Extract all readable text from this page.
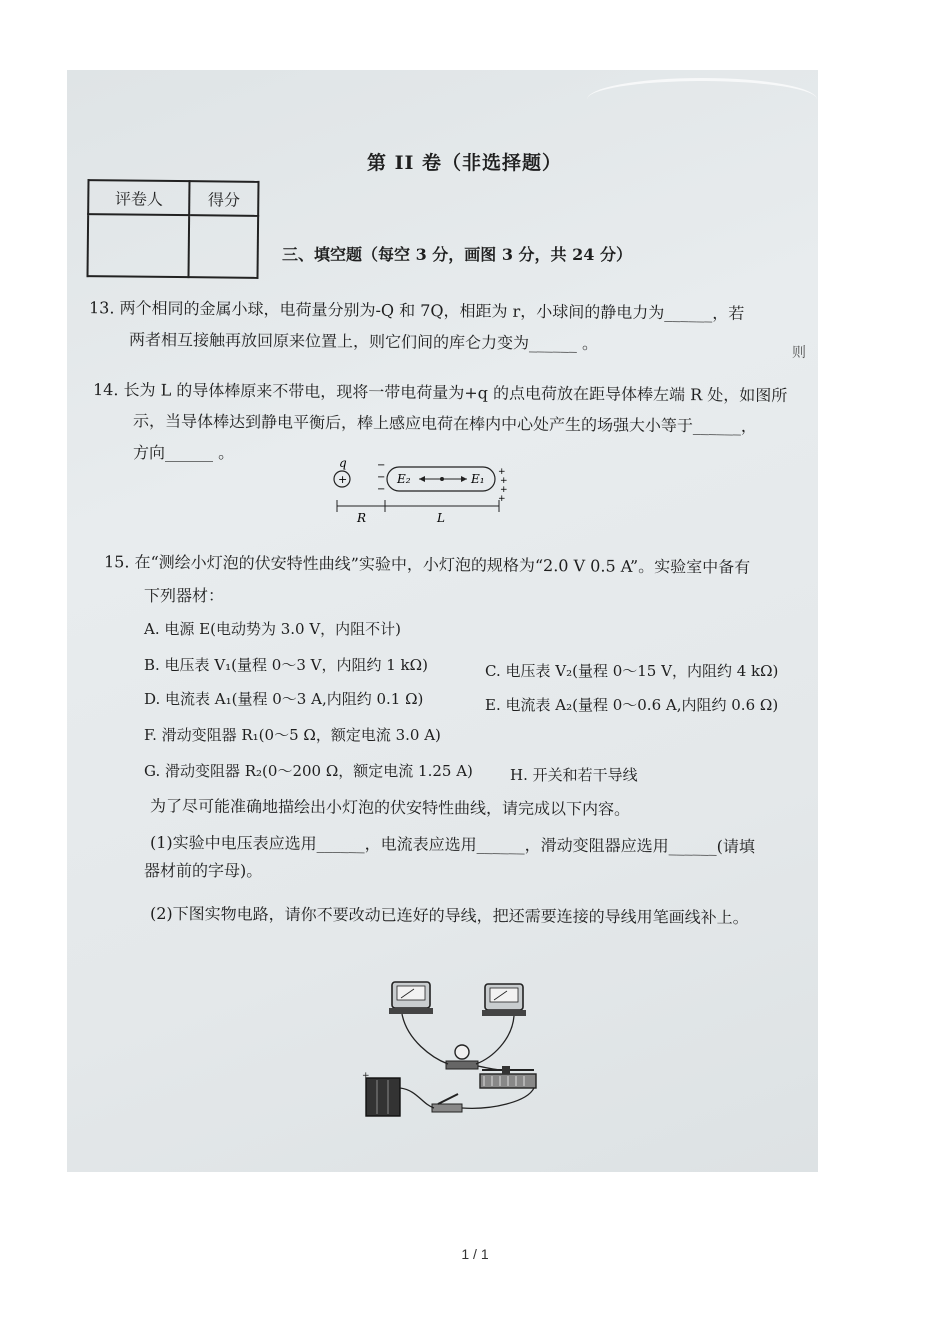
第 II 卷（非选择题）
评卷人	得分

三、填空题（每空 3 分，画图 3 分，共 24 分）
13. 两个相同的金属小球，电荷量分别为-Q 和 7Q，相距为 r，小球间的静电力为______，若
两者相互接触再放回原来位置上，则它们间的库仑力变为______ 。	则
14. 长为 L 的导体棒原来不带电，现将一带电荷量为+q 的点电荷放在距导体棒左端 R 处，如图所
示，当导体棒达到静电平衡后，棒上感应电荷在棒内中心处产生的场强大小等于______，
方向______ 。
q
+
−
−
−
+
+
+
+
E₂	E₁
R	L
15. 在“测绘小灯泡的伏安特性曲线”实验中，小灯泡的规格为“2.0 V 0.5 A”。实验室中备有
下列器材：
A. 电源 E(电动势为 3.0 V，内阻不计)
B. 电压表 V₁(量程 0～3 V，内阻约 1 kΩ)	C. 电压表 V₂(量程 0～15 V，内阻约 4 kΩ)
D. 电流表 A₁(量程 0～3 A,内阻约 0.1 Ω)	E. 电流表 A₂(量程 0～0.6 A,内阻约 0.6 Ω)
F. 滑动变阻器 R₁(0～5 Ω，额定电流 3.0 A)
G. 滑动变阻器 R₂(0～200 Ω，额定电流 1.25 A) H. 开关和若干导线
为了尽可能准确地描绘出小灯泡的伏安特性曲线，请完成以下内容。
(1)实验中电压表应选用______，电流表应选用______，滑动变阻器应选用______(请填
器材前的字母)。
(2)下图实物电路，请你不要改动已连好的导线，把还需要连接的导线用笔画线补上。
+
1 / 1
